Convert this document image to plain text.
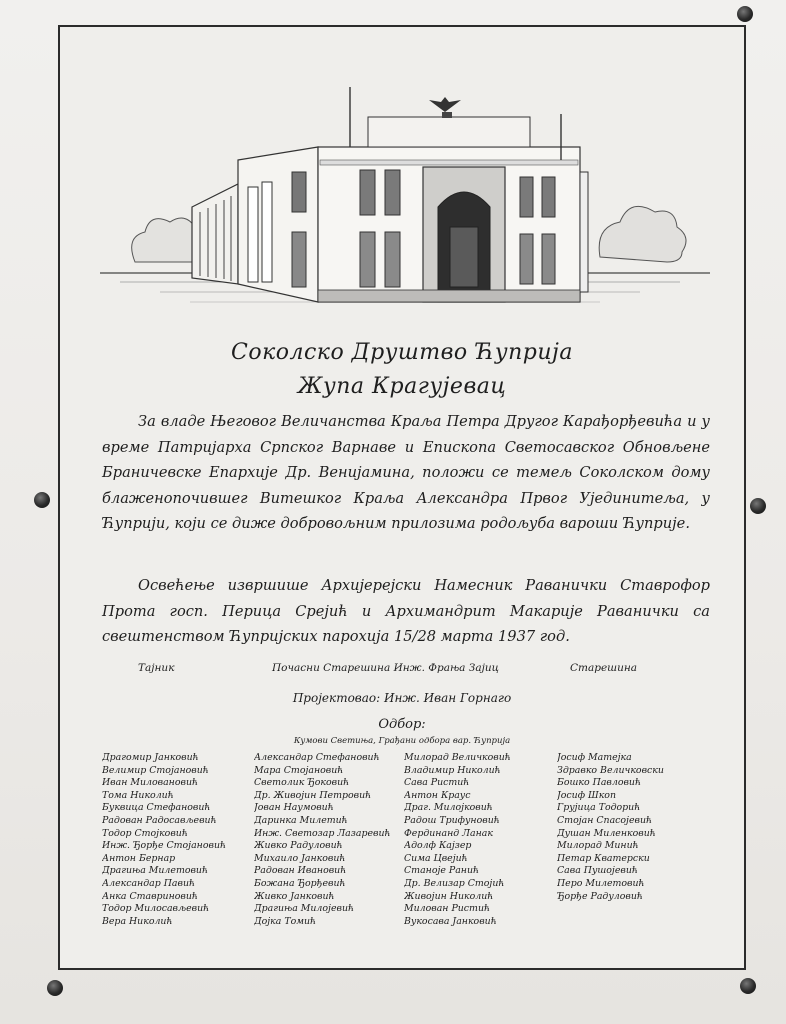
Соколско Друштво Ћуприја
Жупа Крагујевац
За владе Његовог Величанства Краља Петра Другог Карађорђевића и у време Патријарха Српског Варнаве и Епископа Светосавског Обновљене Браничевске Епархије Др. Венијамина, положи се темељ Соколском дому блаженопочившег Витешког Краља Александра Првог Ујединитеља, у Ћуприји, који се диже добровољним прилозима родољуба вароши Ћуприје.
Освећење извршише Архијерејски Намесник Раванички Ставрофор Прота госп. Перица Срејић и Архимандрит Макарије Раванички са свештенством Ћупријских парохија 15/28 марта 1937 год.
Тајник	Почасни Старешина Инж. Фрања Зајиц	Старешина
Пројектовао: Инж. Иван Горнаго
Одбор:
Кумови Светиња, Грађани одбора вар. Ћуприја
Драгомир Јанковић
Велимир Стојановић
Иван Миловановић
Тома Николић
Буквица Стефановић
Радован Радосављевић
Тодор Стојковић
Инж. Ђорђе Стојановић
Антон Бернар
Драгиња Милетовић
Александар Павић
Анка Ставриновић
Тодор Милосављевић
Вера Николић
Александар Стефановић
Мара Стојановић
Светолик Ђоковић
Др. Живојин Петровић
Јован Наумовић
Даринка Милетић
Инж. Светозар Лазаревић
Живко Радуловић
Михаило Јанковић
Радован Ивановић
Божана Ђорђевић
Живко Јанковић
Драгиња Милојевић
Дојка Томић
Милорад Величковић
Владимир Николић
Сава Ристић
Антон Краус
Драг. Милојковић
Радош Трифуновић
Фердинанд Ланак
Адолф Кајзер
Сима Цвејић
Станоје Ранић
Др. Велизар Стојић
Живојин Николић
Милован Ристић
Вукосава Јанковић
Јосиф Матејка
Здравко Величковски
Бошко Павловић
Јосиф Шкоп
Грујица Тодорић
Стојан Спасојевић
Душан Миленковић
Милорад Минић
Петар Кватерски
Сава Пушојевић
Перо Милетовић
Ђорђе Радуловић
